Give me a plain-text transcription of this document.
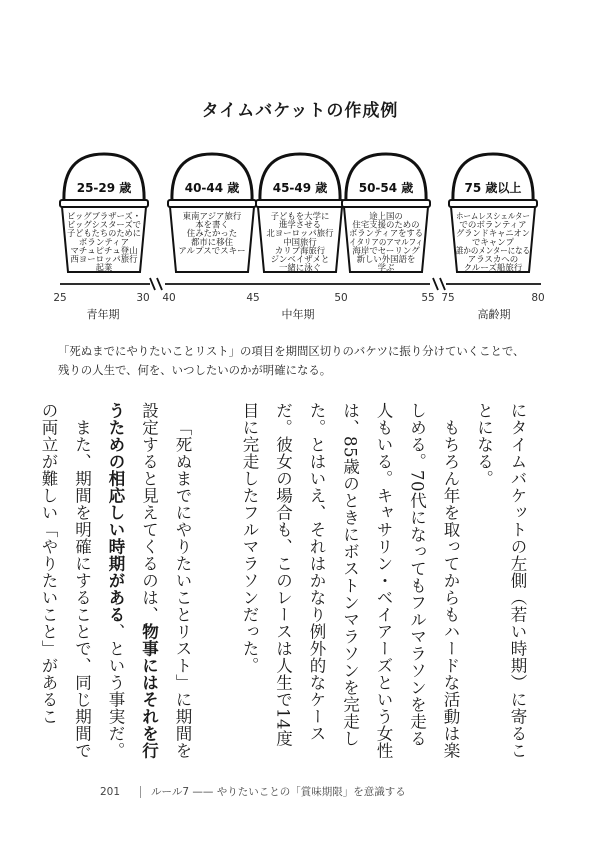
タイムバケットの作成例
25-29 歳
ビッグブラザーズ・
ビッグシスターズで
子どもたちのために
ボランティア
マチュピチュ登山
西ヨーロッパ旅行
起業
40-44 歳
東南アジア旅行
本を書く
住みたかった
都市に移住
アルプスでスキー
45-49 歳
子どもを大学に
進学させる
北ヨーロッパ旅行
中国旅行
カリブ海旅行
ジンベイザメと
一緒に泳ぐ
50-54 歳
途上国の
住宅支援のための
ボランティアをする
イタリアのアマルフィ
海岸でセーリング
新しい外国語を
学ぶ
75 歳以上
ホームレスシェルター
でのボランティア
グランドキャニオン
でキャンプ
誰かのメンターになる
アラスカへの
クルーズ船旅行
25	30 40	45	50	55 75	80
青年期	中年期	高齢期
「死ぬまでにやりたいことリスト」の項目を期間区切りのバケツに振り分けていくことで、
残りの人生で、何を、いつしたいのかが明確になる。

にタイムバケットの左側（若い時期）に寄ることになる。

もちろん年を取ってからもハードな活動は楽しめる。70代になってもフルマラソンを走る人もいる。キャサリン・ベイアーズという女性は、85歳のときにボストンマラソンを完走した。とはいえ、それはかなり例外的なケースだ。彼女の場合も、このレースは人生で14度目に完走したフルマラソンだった。

「死ぬまでにやりたいことリスト」に期間を設定すると見えてくるのは、物事にはそれを行うための相応しい時期がある、という事実だ。

また、期間を明確にすることで、同じ期間での両立が難しい「やりたいこと」があるこ

201	ルール7 —— やりたいことの「賞味期限」を意識する
